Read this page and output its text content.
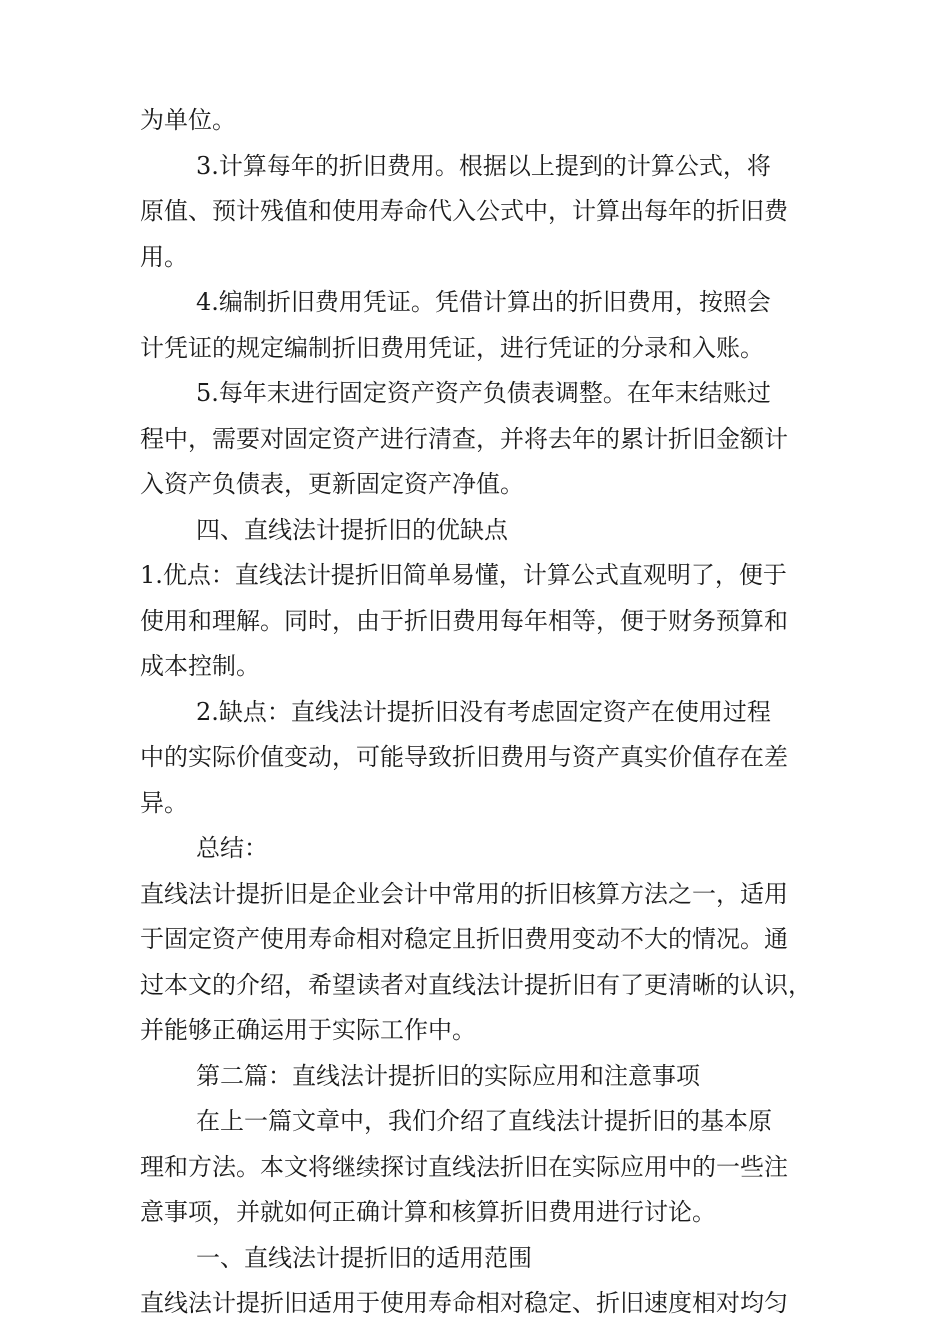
为单位。
3.计算每年的折旧费用。根据以上提到的计算公式，将
原值、预计残值和使用寿命代入公式中，计算出每年的折旧费
用。
4.编制折旧费用凭证。凭借计算出的折旧费用，按照会
计凭证的规定编制折旧费用凭证，进行凭证的分录和入账。
5.每年末进行固定资产资产负债表调整。在年末结账过
程中，需要对固定资产进行清查，并将去年的累计折旧金额计
入资产负债表，更新固定资产净值。
四、直线法计提折旧的优缺点
1.优点：直线法计提折旧简单易懂，计算公式直观明了，便于
使用和理解。同时，由于折旧费用每年相等，便于财务预算和
成本控制。
2.缺点：直线法计提折旧没有考虑固定资产在使用过程
中的实际价值变动，可能导致折旧费用与资产真实价值存在差
异。
总结：
直线法计提折旧是企业会计中常用的折旧核算方法之一，适用
于固定资产使用寿命相对稳定且折旧费用变动不大的情况。通
过本文的介绍，希望读者对直线法计提折旧有了更清晰的认识，
并能够正确运用于实际工作中。
第二篇：直线法计提折旧的实际应用和注意事项
在上一篇文章中，我们介绍了直线法计提折旧的基本原
理和方法。本文将继续探讨直线法折旧在实际应用中的一些注
意事项，并就如何正确计算和核算折旧费用进行讨论。
一、直线法计提折旧的适用范围
直线法计提折旧适用于使用寿命相对稳定、折旧速度相对均匀
